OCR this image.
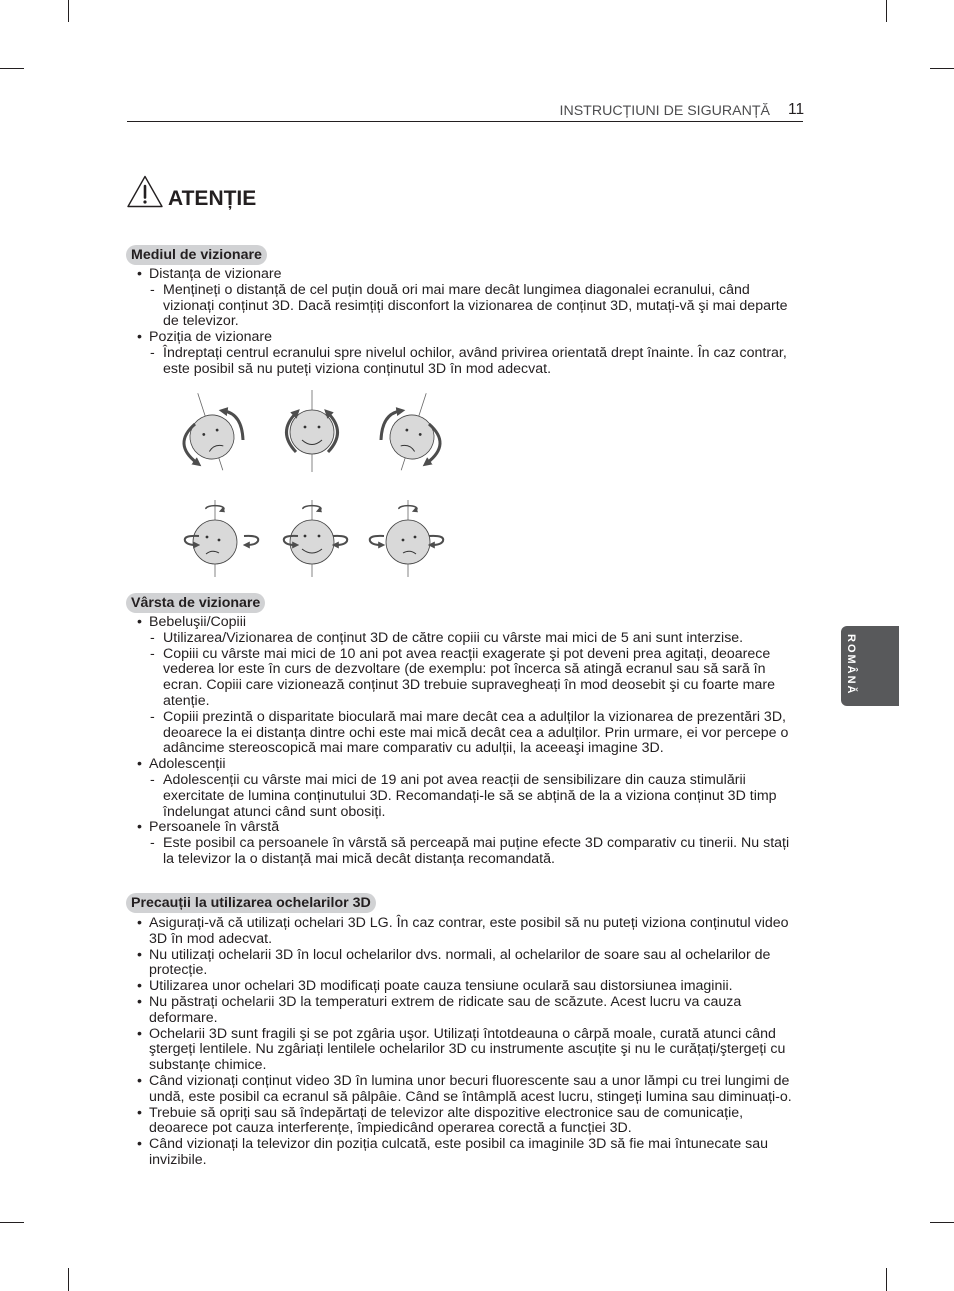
INSTRUCȚIUNI DE SIGURANȚĂ 11
ATENȚIE
Mediul de vizionare
• Distanța de vizionare
- Mențineți o distanță de cel puțin două ori mai mare decât lungimea diagonalei ecranului, când
vizionați conținut 3D. Dacă resimțiți disconfort la vizionarea de conținut 3D, mutați-vă şi mai departe
de televizor.
• Poziția de vizionare
- Îndreptați centrul ecranului spre nivelul ochilor, având privirea orientată drept înainte. În caz contrar,
este posibil să nu puteți viziona conținutul 3D în mod adecvat.
Vârsta de vizionare
• Bebeluşii/Copiii
- Utilizarea/Vizionarea de conținut 3D de către copiii cu vârste mai mici de 5 ani sunt interzise.
- Copiii cu vârste mai mici de 10 ani pot avea reacții exagerate şi pot deveni prea agitați, deoarece
vederea lor este în curs de dezvoltare (de exemplu: pot încerca să atingă ecranul sau să sară în
ecran. Copiii care vizionează conținut 3D trebuie supravegheați în mod deosebit şi cu foarte mare
atenție.
- Copiii prezintă o disparitate bioculară mai mare decât cea a adulților la vizionarea de prezentări 3D,
deoarece la ei distanța dintre ochi este mai mică decât cea a adulților. Prin urmare, ei vor percepe o
adâncime stereoscopică mai mare comparativ cu adulții, la aceeaşi imagine 3D.
• Adolescenții
- Adolescenții cu vârste mai mici de 19 ani pot avea reacții de sensibilizare din cauza stimulării
exercitate de lumina conținutului 3D. Recomandați-le să se abțină de la a viziona conținut 3D timp
îndelungat atunci când sunt obosiți.
• Persoanele în vârstă
- Este posibil ca persoanele în vârstă să perceapă mai puține efecte 3D comparativ cu tinerii. Nu stați
la televizor la o distanță mai mică decât distanța recomandată.
Precauții la utilizarea ochelarilor 3D
• Asigurați-vă că utilizați ochelari 3D LG. În caz contrar, este posibil să nu puteți viziona conținutul video
3D în mod adecvat.
• Nu utilizați ochelarii 3D în locul ochelarilor dvs. normali, al ochelarilor de soare sau al ochelarilor de
protecție.
• Utilizarea unor ochelari 3D modificați poate cauza tensiune oculară sau distorsiunea imaginii.
• Nu păstrați ochelarii 3D la temperaturi extrem de ridicate sau de scăzute. Acest lucru va cauza
deformare.
• Ochelarii 3D sunt fragili şi se pot zgâria uşor. Utilizați întotdeauna o cârpă moale, curată atunci când
ştergeți lentilele. Nu zgâriați lentilele ochelarilor 3D cu instrumente ascuțite şi nu le curățați/ştergeți cu
substanțe chimice.
• Când vizionați conținut video 3D în lumina unor becuri fluorescente sau a unor lămpi cu trei lungimi de
undă, este posibil ca ecranul să pâlpâie. Când se întâmplă acest lucru, stingeți lumina sau diminuați-o.
• Trebuie să opriți sau să îndepărtați de televizor alte dispozitive electronice sau de comunicație,
deoarece pot cauza interferențe, împiedicând operarea corectă a funcției 3D.
• Când vizionați la televizor din poziția culcată, este posibil ca imaginile 3D să fie mai întunecate sau
invizibile.
ROMÂNĂ
